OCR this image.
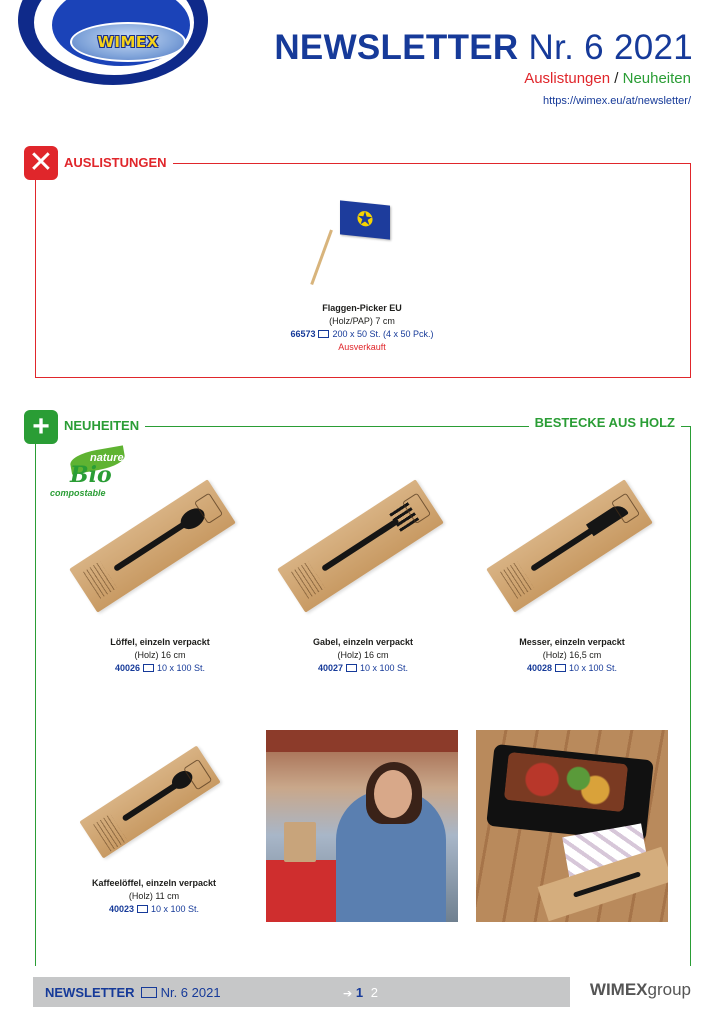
WIMEX	NEWSLETTER Nr. 6 2021
Auslistungen / Neuheiten
https://wimex.eu/at/newsletter/
✕ AUSLISTUNGEN
✪
Flaggen-Picker EU
(Holz/PAP) 7 cm
66573 200 x 50 St. (4 x 50 Pck.)
Ausverkauft
+	NEUHEITEN	BESTECKE AUS HOLZ
nature
Bio
compostable
Löffel, einzeln verpackt
(Holz) 16 cm
40026 10 x 100 St.
Gabel, einzeln verpackt
(Holz) 16 cm
40027 10 x 100 St.
Messer, einzeln verpackt
(Holz) 16,5 cm
40028 10 x 100 St.
Kaffeelöffel, einzeln verpackt
(Holz) 11 cm
40023 10 x 100 St.
NEWSLETTER Nr. 6 2021	➔ 1 2	WIMEXgroup
